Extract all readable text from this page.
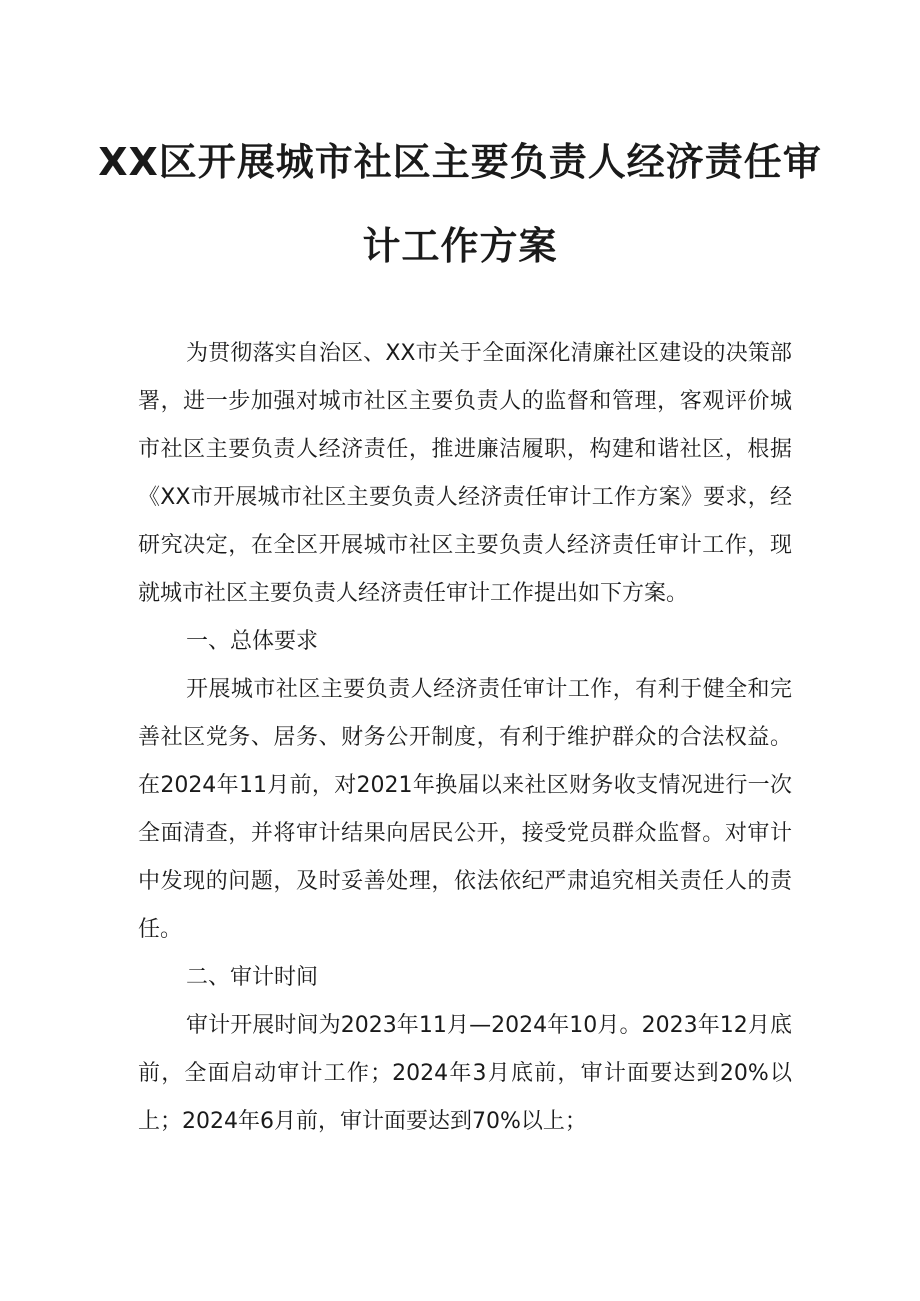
XX区开展城市社区主要负责人经济责任审
计工作方案

为贯彻落实自治区、XX市关于全面深化清廉社区建设的决策部署，进一步加强对城市社区主要负责人的监督和管理，客观评价城市社区主要负责人经济责任，推进廉洁履职，构建和谐社区，根据《XX市开展城市社区主要负责人经济责任审计工作方案》要求，经研究决定，在全区开展城市社区主要负责人经济责任审计工作，现就城市社区主要负责人经济责任审计工作提出如下方案。

一、总体要求

开展城市社区主要负责人经济责任审计工作，有利于健全和完善社区党务、居务、财务公开制度，有利于维护群众的合法权益。在2024年11月前，对2021年换届以来社区财务收支情况进行一次全面清查，并将审计结果向居民公开，接受党员群众监督。对审计中发现的问题，及时妥善处理，依法依纪严肃追究相关责任人的责任。

二、审计时间

审计开展时间为2023年11月—2024年10月。2023年12月底前，全面启动审计工作；2024年3月底前，审计面要达到20%以上；2024年6月前，审计面要达到70%以上；
